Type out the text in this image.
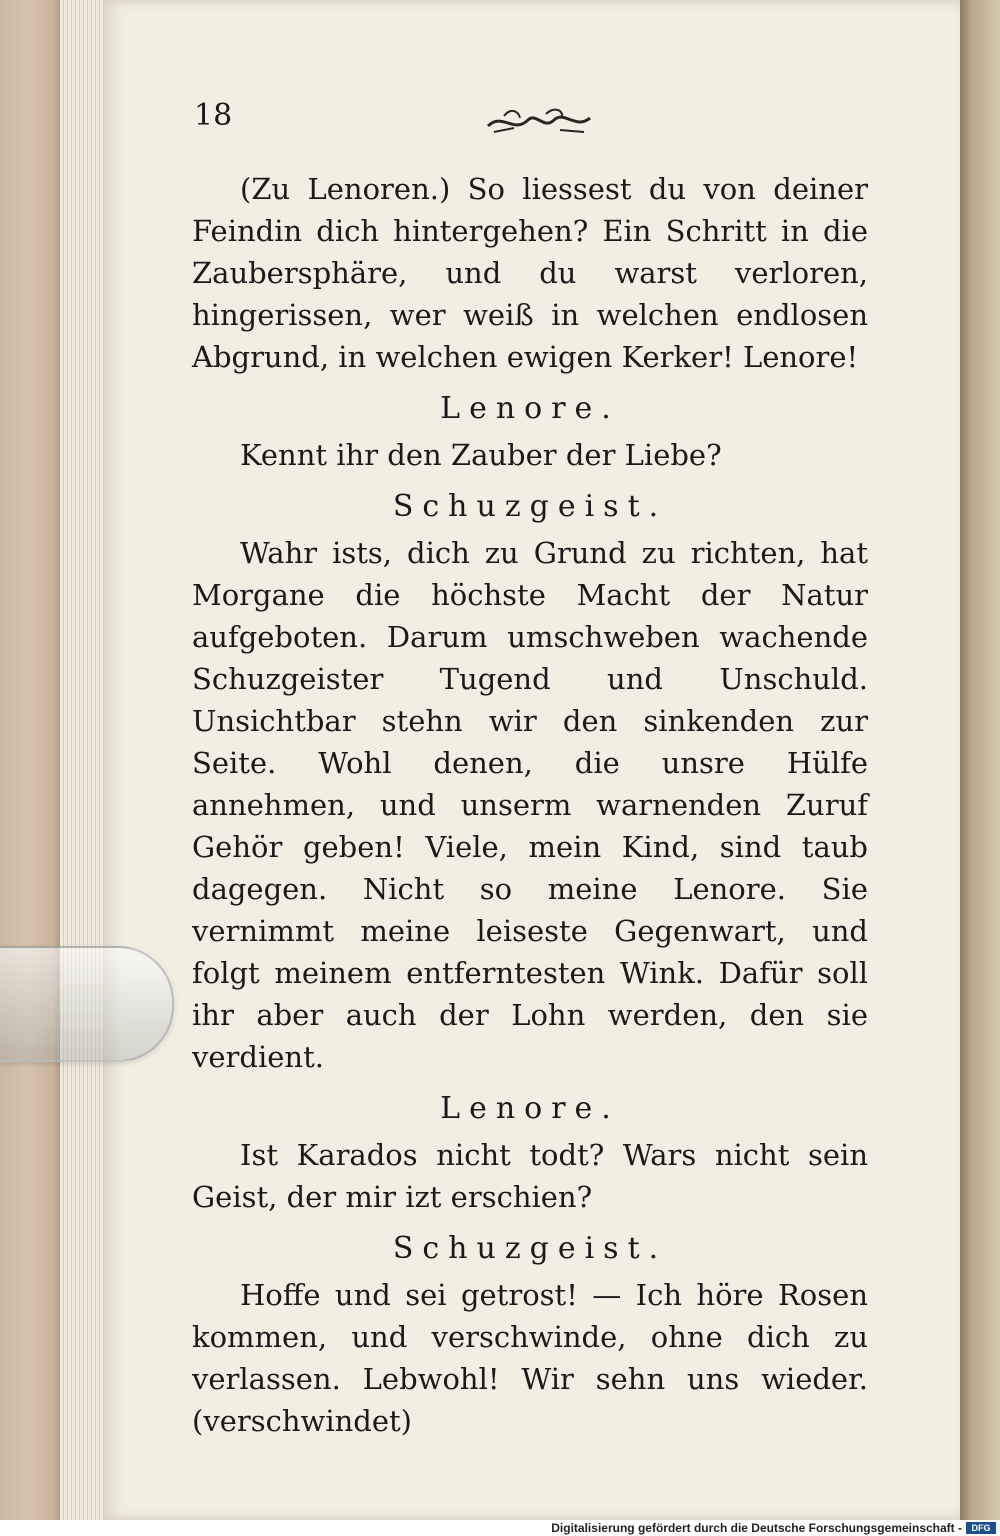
18

(Zu Lenoren.) So liessest du von deiner Feindin dich hintergehen? Ein Schritt in die Zaubersphäre, und du warst verloren, hingerissen, wer weiß in welchen endlosen Abgrund, in welchen ewigen Kerker! Lenore!

Lenore.

Kennt ihr den Zauber der Liebe?

Schuzgeist.

Wahr ists, dich zu Grund zu richten, hat Morgane die höchste Macht der Natur aufgeboten. Darum umschweben wachende Schuzgeister Tugend und Unschuld. Unsichtbar stehn wir den sinkenden zur Seite. Wohl denen, die unsre Hülfe annehmen, und unserm warnenden Zuruf Gehör geben! Viele, mein Kind, sind taub dagegen. Nicht so meine Lenore. Sie vernimmt meine leiseste Gegenwart, und folgt meinem entferntesten Wink. Dafür soll ihr aber auch der Lohn werden, den sie verdient.

Lenore.

Ist Karados nicht todt? Wars nicht sein Geist, der mir izt erschien?

Schuzgeist.

Hoffe und sei getrost! — Ich höre Rosen kommen, und verschwinde, ohne dich zu verlassen. Lebwohl! Wir sehn uns wieder. (verschwindet)

Digitalisierung gefördert durch die Deutsche Forschungsgemeinschaft -	DFG
